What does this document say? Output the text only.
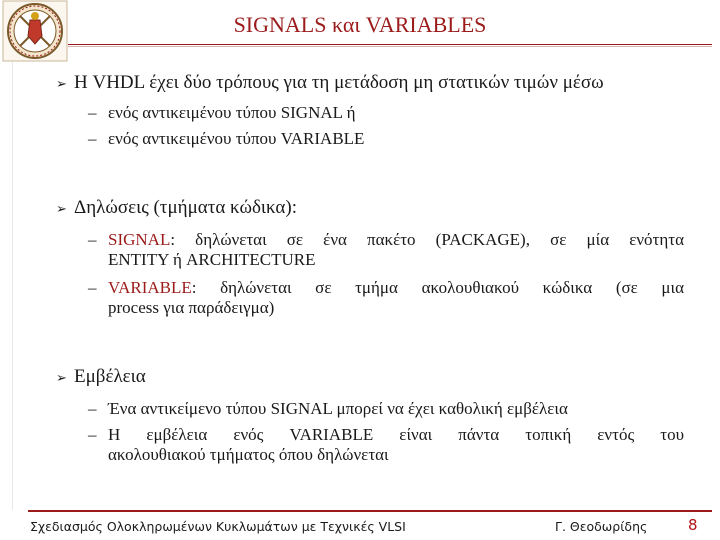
SIGNALS και VARIABLES
➢ Η VHDL έχει δύο τρόπους για τη μετάδοση μη στατικών τιμών μέσω
– ενός αντικειμένου τύπου SIGNAL ή
– ενός αντικειμένου τύπου VARIABLE
➢ Δηλώσεις (τμήματα κώδικα):
– SIGNAL: δηλώνεται σε ένα πακέτο (PACKAGE), σε μία ενότητα
ENTITY ή ARCHITECTURE
– VARIABLE: δηλώνεται σε τμήμα ακολουθιακού κώδικα (σε μια
process για παράδειγμα)
➢ Εμβέλεια
– Ένα αντικείμενο τύπου SIGNAL μπορεί να έχει καθολική εμβέλεια
– Η εμβέλεια ενός VARIABLE είναι πάντα τοπική εντός του
ακολουθιακού τμήματος όπου δηλώνεται
Σχεδιασμός Ολοκληρωμένων Κυκλωμάτων με Τεχνικές VLSI	Γ. Θεοδωρίδης	8
